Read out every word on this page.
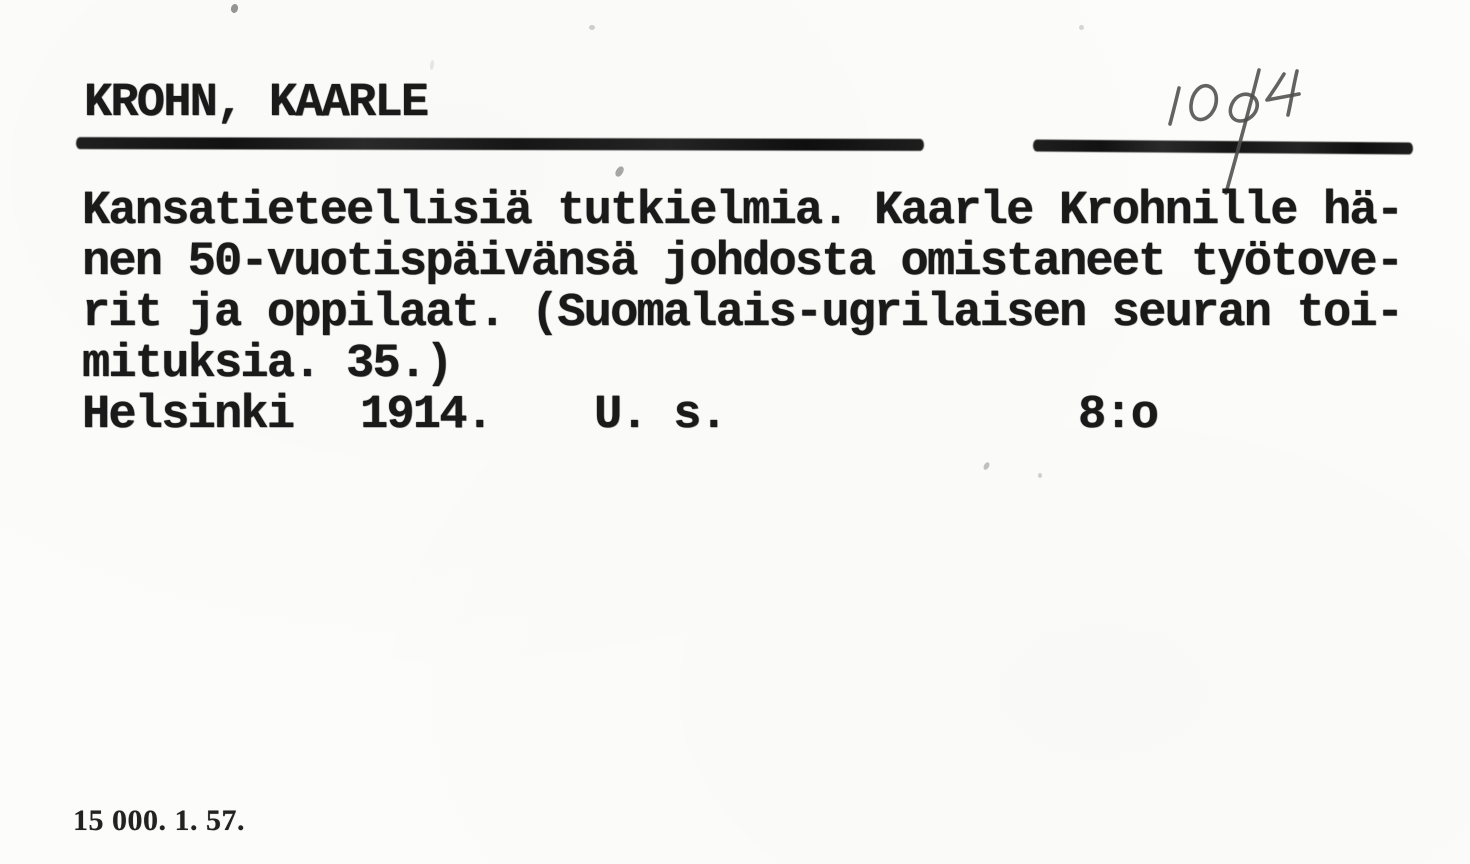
KROHN, KAARLE
Kansatieteellisiä tutkielmia. Kaarle Krohnille hä-
nen 50-vuotispäivänsä johdosta omistaneet työtove-
rit ja oppilaat. (Suomalais-ugrilaisen seuran toi-
mituksia. 35.)
Helsinki 1914. U. s.	8:o
15 000. 1. 57.
